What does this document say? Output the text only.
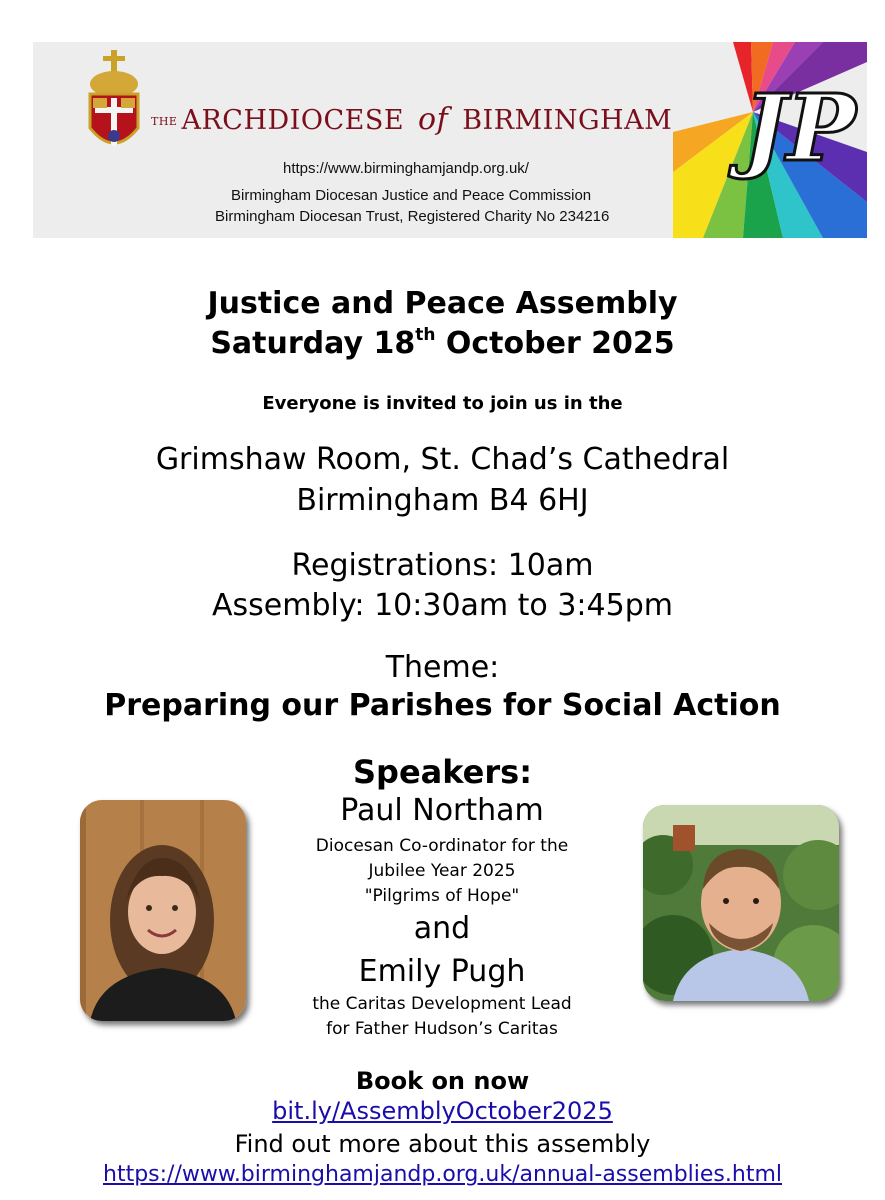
THE ARCHDIOCESE of BIRMINGHAM
https://www.birminghamjandp.org.uk/
Birmingham Diocesan Justice and Peace Commission
Birmingham Diocesan Trust, Registered Charity No 234216
JP
Justice and Peace Assembly
Saturday 18th October 2025
Everyone is invited to join us in the
Grimshaw Room, St. Chad’s Cathedral
Birmingham B4 6HJ
Registrations: 10am
Assembly: 10:30am to 3:45pm
Theme:
Preparing our Parishes for Social Action
Speakers:
Paul Northam
Diocesan Co-ordinator for the
Jubilee Year 2025
"Pilgrims of Hope"
and
Emily Pugh
the Caritas Development Lead
for Father Hudson’s Caritas
Book on now
bit.ly/AssemblyOctober2025
Find out more about this assembly
https://www.birminghamjandp.org.uk/annual-assemblies.html
